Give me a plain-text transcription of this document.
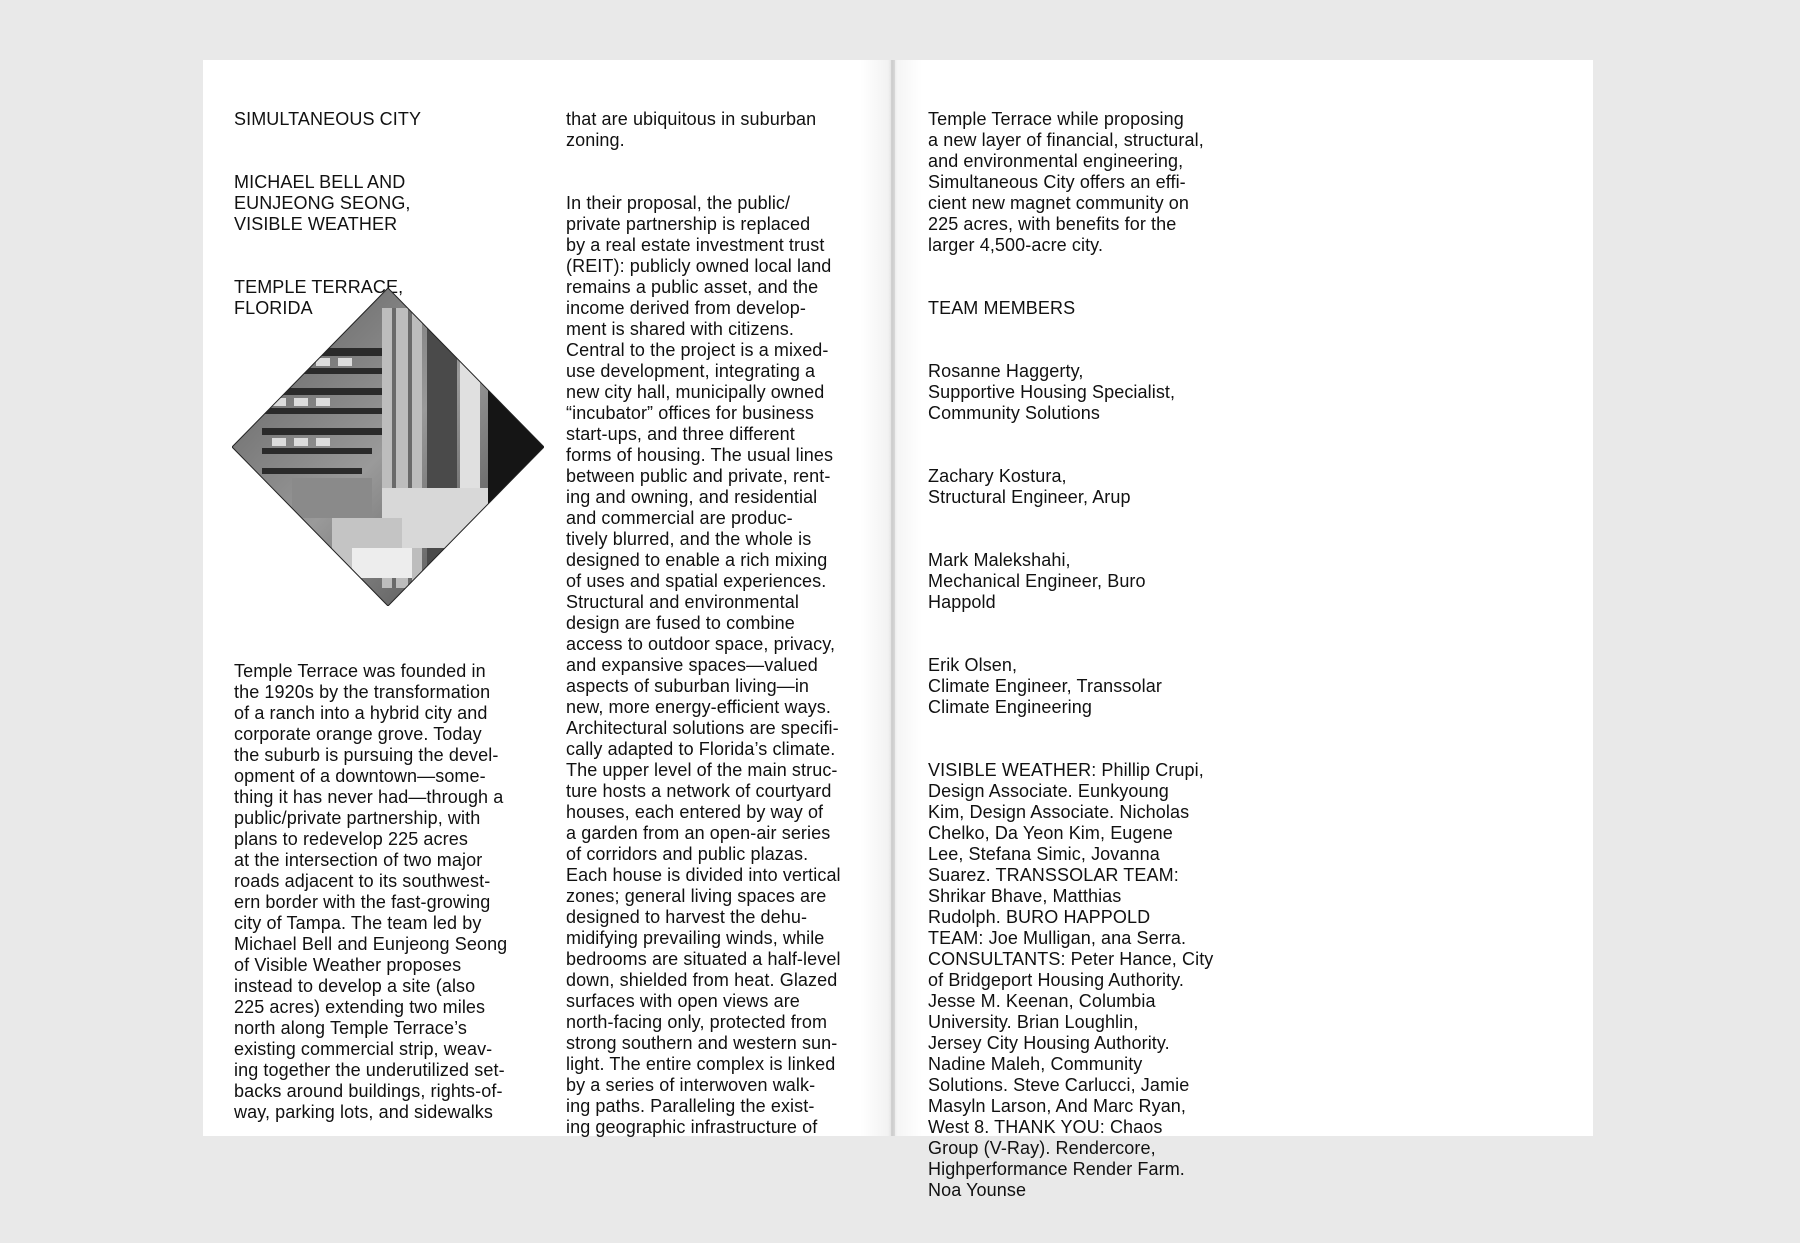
SIMULTANEOUS CITY

MICHAEL BELL AND
EUNJEONG SEONG,
VISIBLE WEATHER

TEMPLE TERRACE,
FLORIDA

Temple Terrace was founded in
the 1920s by the transformation
of a ranch into a hybrid city and
corporate orange grove. Today
the suburb is pursuing the devel-
opment of a downtown—some-
thing it has never had—through a
public/private partnership, with
plans to redevelop 225 acres
at the intersection of two major
roads adjacent to its southwest-
ern border with the fast-growing
city of Tampa. The team led by
Michael Bell and Eunjeong Seong
of Visible Weather proposes
instead to develop a site (also
225 acres) extending two miles
north along Temple Terrace’s
existing commercial strip, weav-
ing together the underutilized set-
backs around buildings, rights-of-
way, parking lots, and sidewalks

that are ubiquitous in suburban
zoning.

In their proposal, the public/
private partnership is replaced
by a real estate investment trust
(REIT): publicly owned local land
remains a public asset, and the
income derived from develop-
ment is shared with citizens.
Central to the project is a mixed-
use development, integrating a
new city hall, municipally owned
“incubator” offices for business
start-ups, and three different
forms of housing. The usual lines
between public and private, rent-
ing and owning, and residential
and commercial are produc-
tively blurred, and the whole is
designed to enable a rich mixing
of uses and spatial experiences.
Structural and environmental
design are fused to combine
access to outdoor space, privacy,
and expansive spaces—valued
aspects of suburban living—in
new, more energy-efficient ways.
Architectural solutions are specifi-
cally adapted to Florida’s climate.
The upper level of the main struc-
ture hosts a network of courtyard
houses, each entered by way of
a garden from an open-air series
of corridors and public plazas.
Each house is divided into vertical
zones; general living spaces are
designed to harvest the dehu-
midifying prevailing winds, while
bedrooms are situated a half-level
down, shielded from heat. Glazed
surfaces with open views are
north-facing only, protected from
strong southern and western sun-
light. The entire complex is linked
by a series of interwoven walk-
ing paths. Paralleling the exist-
ing geographic infrastructure of

Temple Terrace while proposing
a new layer of financial, structural,
and environmental engineering,
Simultaneous City offers an effi-
cient new magnet community on
225 acres, with benefits for the
larger 4,500-acre city.

TEAM MEMBERS

Rosanne Haggerty,
Supportive Housing Specialist,
Community Solutions

Zachary Kostura,
Structural Engineer, Arup

Mark Malekshahi,
Mechanical Engineer, Buro
Happold

Erik Olsen,
Climate Engineer, Transsolar
Climate Engineering

VISIBLE WEATHER: Phillip Crupi,
Design Associate. Eunkyoung
Kim, Design Associate. Nicholas
Chelko, Da Yeon Kim, Eugene
Lee, Stefana Simic, Jovanna
Suarez. TRANSSOLAR TEAM:
Shrikar Bhave, Matthias
Rudolph. BURO HAPPOLD
TEAM: Joe Mulligan, ana Serra.
CONSULTANTS: Peter Hance, City
of Bridgeport Housing Authority.
Jesse M. Keenan, Columbia
University. Brian Loughlin,
Jersey City Housing Authority.
Nadine Maleh, Community
Solutions. Steve Carlucci, Jamie
Masyln Larson, And Marc Ryan,
West 8. THANK YOU: Chaos
Group (V-Ray). Rendercore,
Highperformance Render Farm.
Noa Younse
